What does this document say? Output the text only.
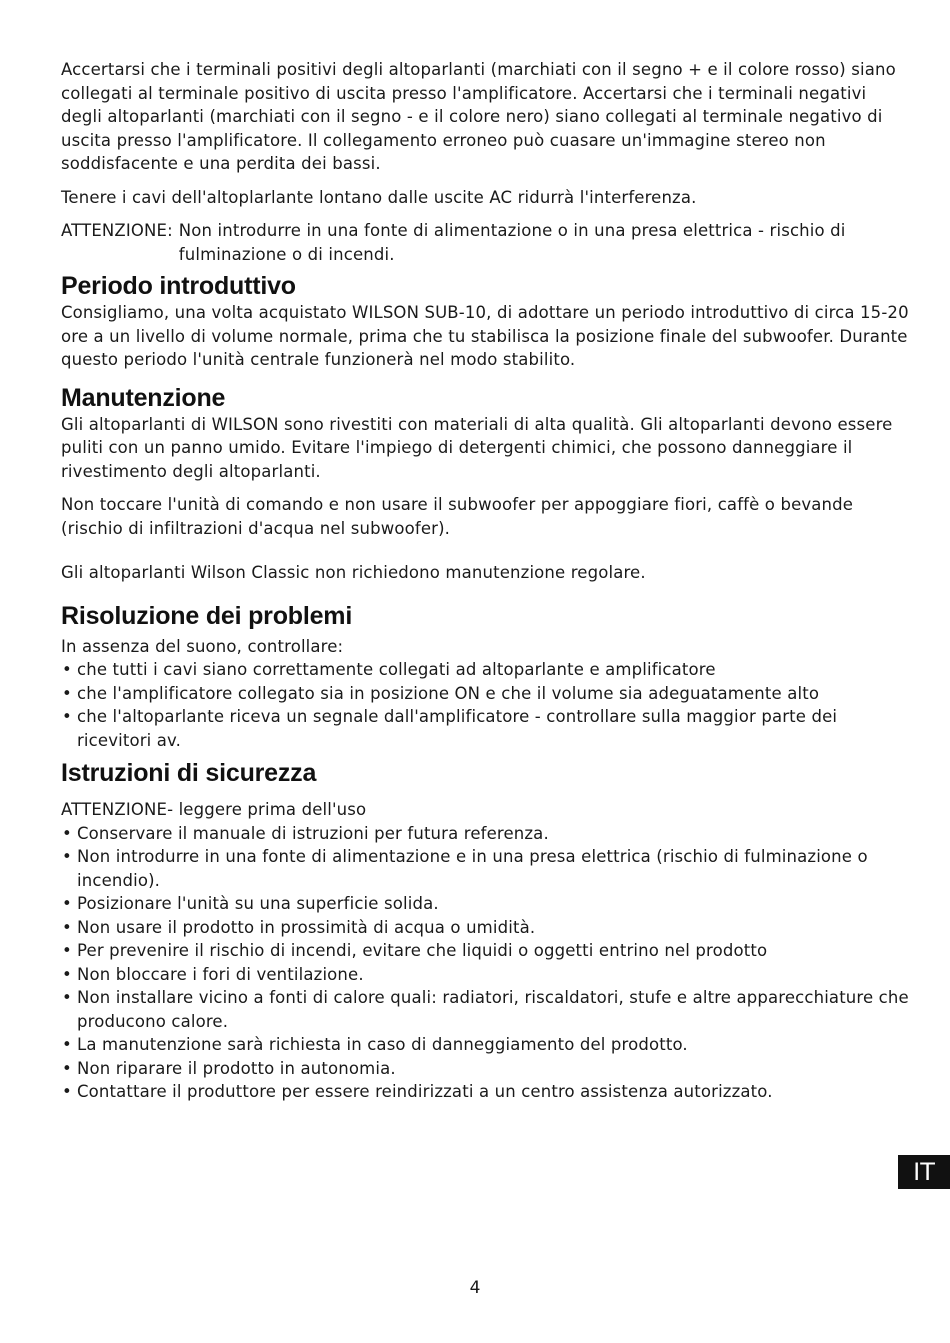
Accertarsi che i terminali positivi degli altoparlanti (marchiati con il segno + e il colore rosso) siano collegati al terminale positivo di uscita presso l'amplificatore. Accertarsi che i terminali negativi degli altoparlanti (marchiati con il segno - e il colore nero) siano collegati al terminale negativo di uscita presso l'amplificatore. Il collegamento erroneo può cuasare un'immagine stereo non soddisfacente e una perdita dei bassi.

Tenere i cavi dell'altoplarlante lontano dalle uscite AC ridurrà l'interferenza.

ATTENZIONE: Non introdurre in una fonte di alimentazione o in una presa elettrica - rischio di fulminazione o di incendi.

Periodo introduttivo

Consigliamo, una volta acquistato WILSON SUB-10, di adottare un periodo introduttivo di circa 15-20 ore a un livello di volume normale, prima che tu stabilisca la posizione finale del subwoofer. Durante questo periodo l'unità centrale funzionerà nel modo stabilito.

Manutenzione

Gli altoparlanti di WILSON sono rivestiti con materiali di alta qualità. Gli altoparlanti devono essere puliti con un panno umido. Evitare l'impiego di detergenti chimici, che possono danneggiare il rivestimento degli altoparlanti.

Non toccare l'unità di comando e non usare il subwoofer per appoggiare fiori, caffè o bevande (rischio di infiltrazioni d'acqua nel subwoofer).

Gli altoparlanti Wilson Classic non richiedono manutenzione regolare.

Risoluzione dei problemi

In assenza del suono, controllare:

• che tutti i cavi siano correttamente collegati ad altoparlante e amplificatore
• che l'amplificatore collegato sia in posizione ON e che il volume sia adeguatamente alto
• che l'altoparlante riceva un segnale dall'amplificatore - controllare sulla maggior parte dei ricevitori av.
Istruzioni di sicurezza

ATTENZIONE- leggere prima dell'uso

• Conservare il manuale di istruzioni per futura referenza.
• Non introdurre in una fonte di alimentazione e in una presa elettrica (rischio di fulminazione o incendio).
• Posizionare l'unità su una superficie solida.
• Non usare il prodotto in prossimità di acqua o umidità.
• Per prevenire il rischio di incendi, evitare che liquidi o oggetti entrino nel prodotto
• Non bloccare i fori di ventilazione.
• Non installare vicino a fonti di calore quali: radiatori, riscaldatori, stufe e altre apparecchiature che producono calore.
• La manutenzione sarà richiesta in caso di danneggiamento del prodotto.
• Non riparare il prodotto in autonomia.
• Contattare il produttore per essere reindirizzati a un centro assistenza autorizzato.
IT
4
